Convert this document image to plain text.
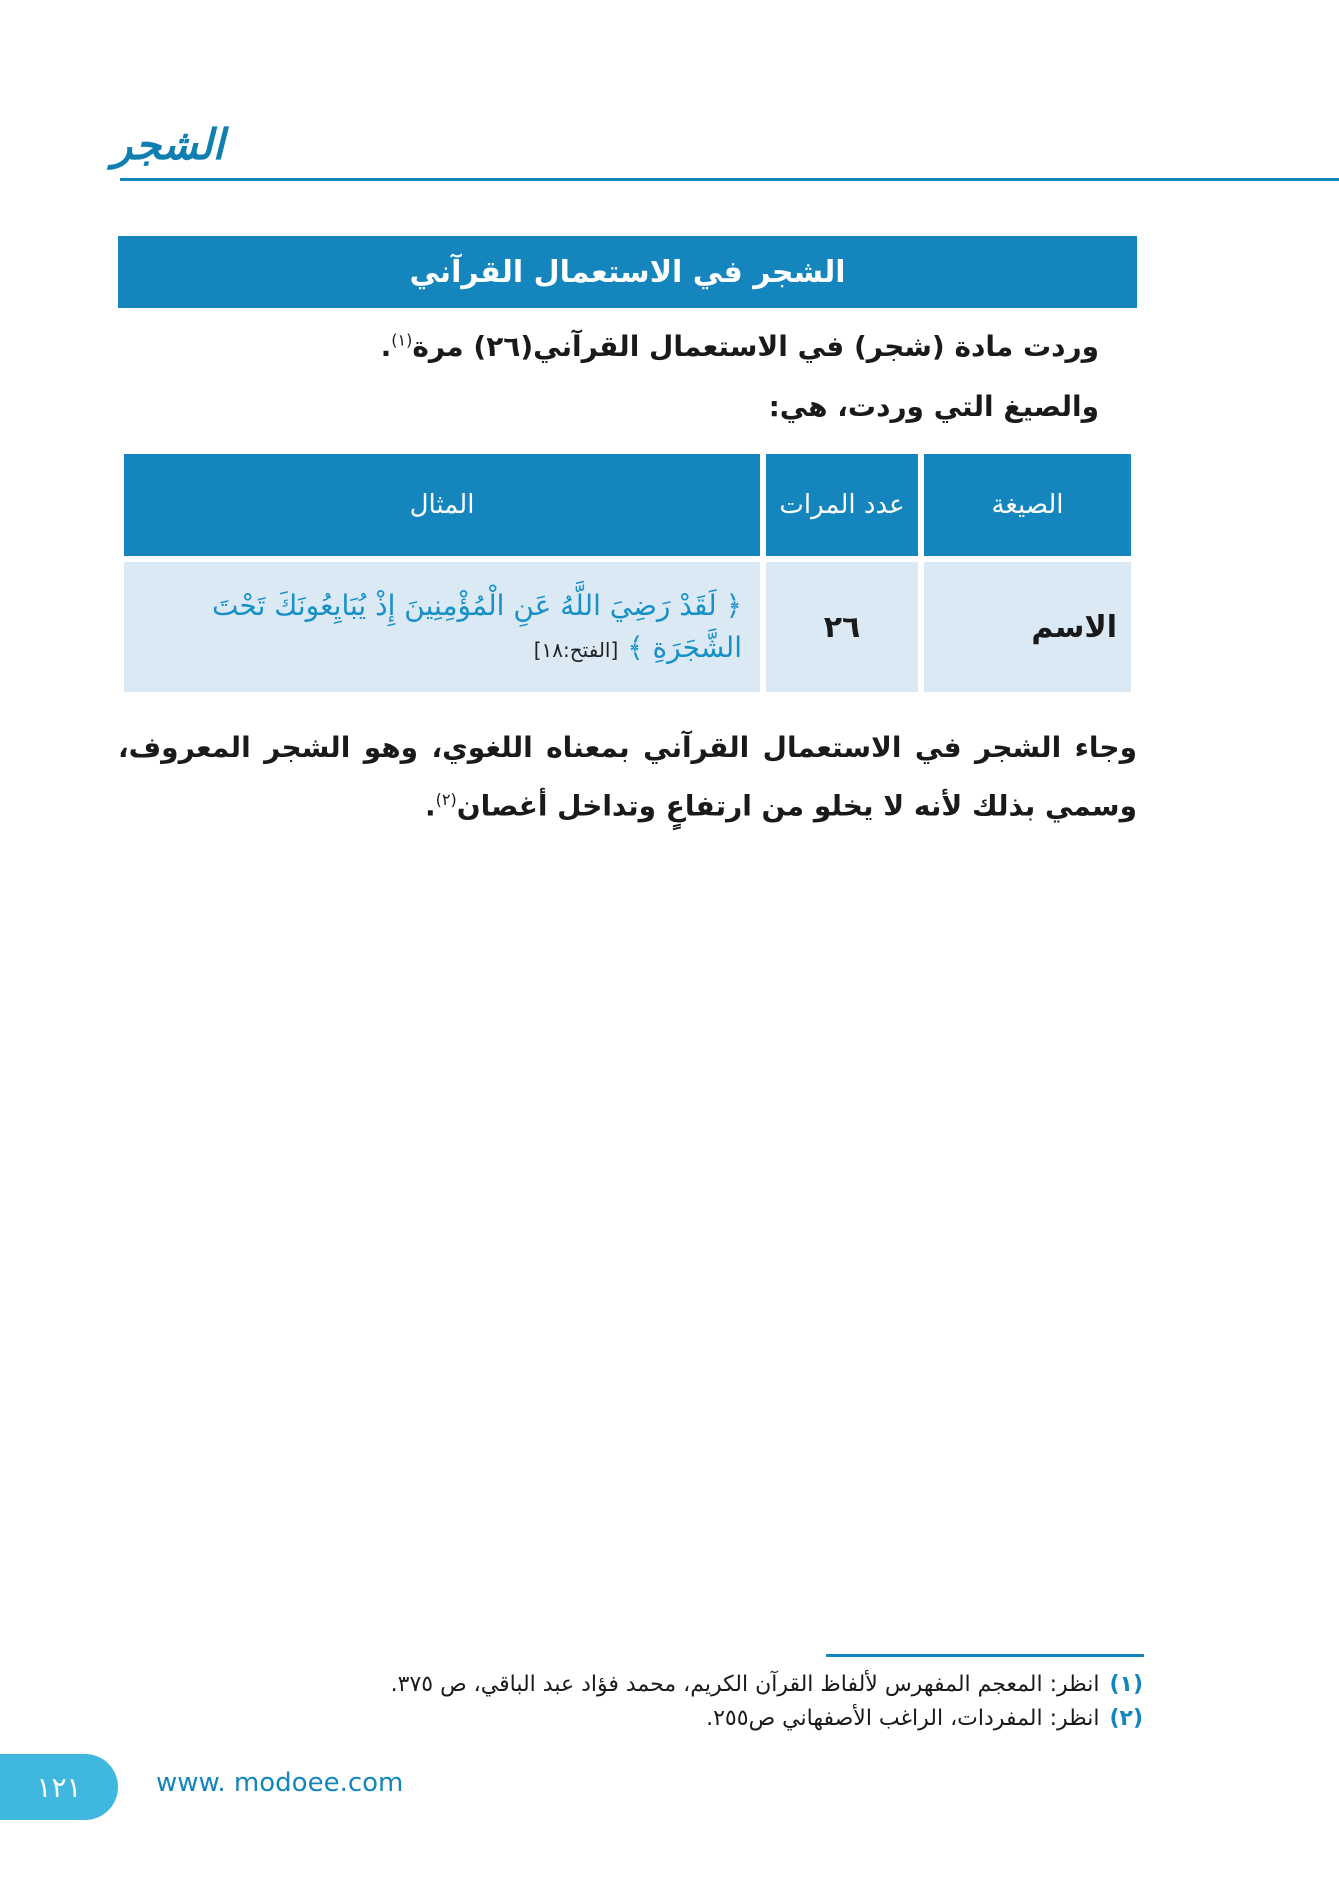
الشجر
الشجر في الاستعمال القرآني
وردت مادة (شجر) في الاستعمال القرآني(٢٦) مرة$^{(١)}$.
والصيغ التي وردت، هي:
الصيغة	عدد المرات	المثال
الاسم	٢٦	﴿ لَقَدْ رَضِيَ اللَّهُ عَنِ الْمُؤْمِنِينَ إِذْ يُبَايِعُونَكَ تَحْتَ الشَّجَرَةِ ﴾ [الفتح:١٨]
وجاء الشجر في الاستعمال القرآني بمعناه اللغوي، وهو الشجر المعروف، وسمي بذلك لأنه لا يخلو من ارتفاعٍ وتداخل أغصان$^{(٢)}$.
(١)انظر: المعجم المفهرس لألفاظ القرآن الكريم، محمد فؤاد عبد الباقي، ص ٣٧٥.
(٢)انظر: المفردات، الراغب الأصفهاني ص٢٥٥.
١٢١	www. modoee.com
